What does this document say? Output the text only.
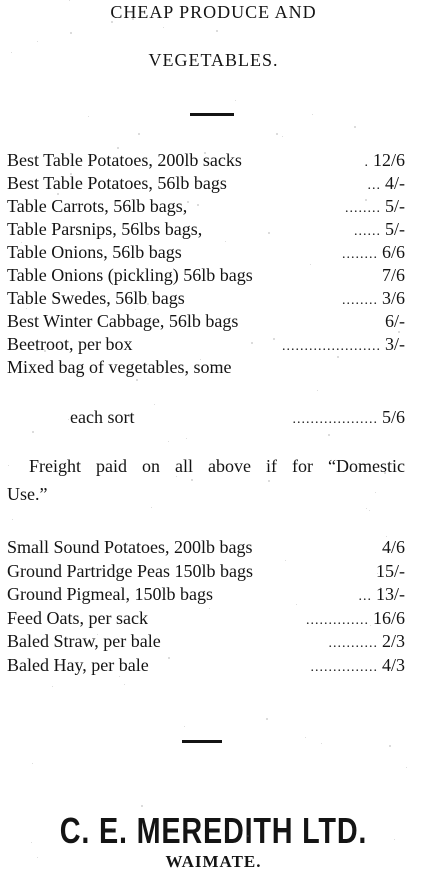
CHEAP PRODUCE AND
VEGETABLES.
Best Table Potatoes, 200lb sacks	. 12/6
Best Table Potatoes, 56lb bags	... 4/-
Table Carrots, 56lb bags,	........ 5/-
Table Parsnips, 56lbs bags,	...... 5/-
Table Onions, 56lb bags	........ 6/6
Table Onions (pickling) 56lb bags	7/6
Table Swedes, 56lb bags	........ 3/6
Best Winter Cabbage, 56lb bags	6/-
Beetroot, per box	...................... 3/-
Mixed bag of vegetables, some
each sort	................... 5/6
Freight paid on all above if for “Domestic Use.”
Small Sound Potatoes, 200lb bags	4/6
Ground Partridge Peas 150lb bags	15/-
Ground Pigmeal, 150lb bags	... 13/-
Feed Oats, per sack	.............. 16/6
Baled Straw, per bale	........... 2/3
Baled Hay, per bale	............... 4/3
C. E. MEREDITH LTD.
WAIMATE.
